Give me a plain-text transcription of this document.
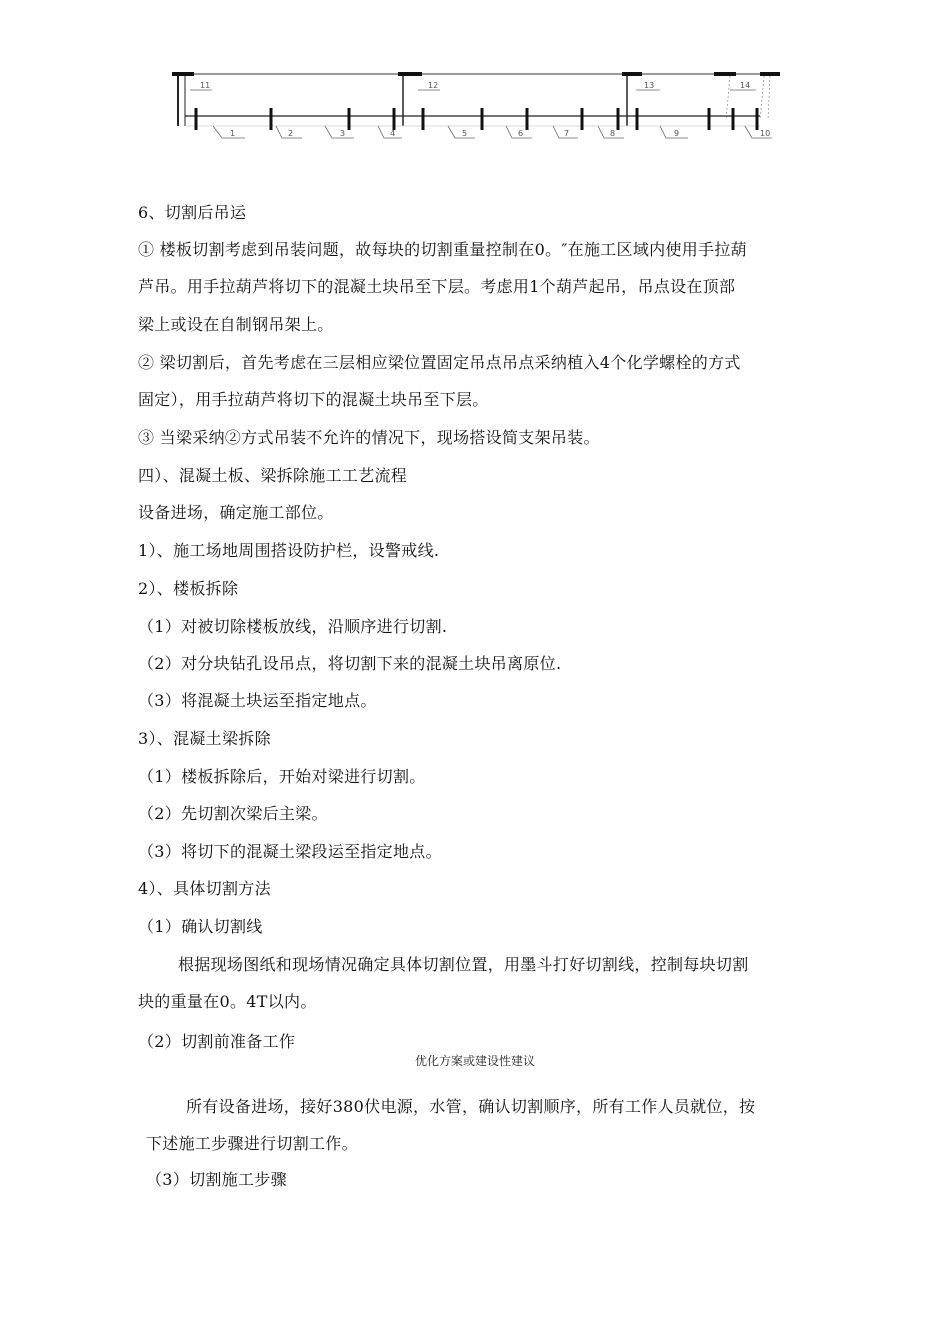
1	2	3	4	5	6	7	8	9	10
11	12	13	14
6、切割后吊运
① 楼板切割考虑到吊装问题，故每块的切割重量控制在0。″在施工区域内使用手拉葫
芦吊。用手拉葫芦将切下的混凝土块吊至下层。考虑用1个葫芦起吊，吊点设在顶部
梁上或设在自制钢吊架上。
② 梁切割后，首先考虑在三层相应梁位置固定吊点吊点采纳植入4个化学螺栓的方式
固定），用手拉葫芦将切下的混凝土块吊至下层。
③ 当梁采纳②方式吊装不允许的情况下，现场搭设简支架吊装。
四）、混凝土板、梁拆除施工工艺流程
设备进场，确定施工部位。
1）、施工场地周围搭设防护栏，设警戒线.
2）、楼板拆除
（1）对被切除楼板放线，沿顺序进行切割.
（2）对分块钻孔设吊点，将切割下来的混凝土块吊离原位.
（3）将混凝土块运至指定地点。
3）、混凝土梁拆除
（1）楼板拆除后，开始对梁进行切割。
（2）先切割次梁后主梁。
（3）将切下的混凝土梁段运至指定地点。
4）、具体切割方法
（1）确认切割线
根据现场图纸和现场情况确定具体切割位置，用墨斗打好切割线，控制每块切割
块的重量在0。4T以内。
（2）切割前准备工作
优化方案或建设性建议
所有设备进场，接好380伏电源，水管，确认切割顺序，所有工作人员就位，按
下述施工步骤进行切割工作。
（3）切割施工步骤
